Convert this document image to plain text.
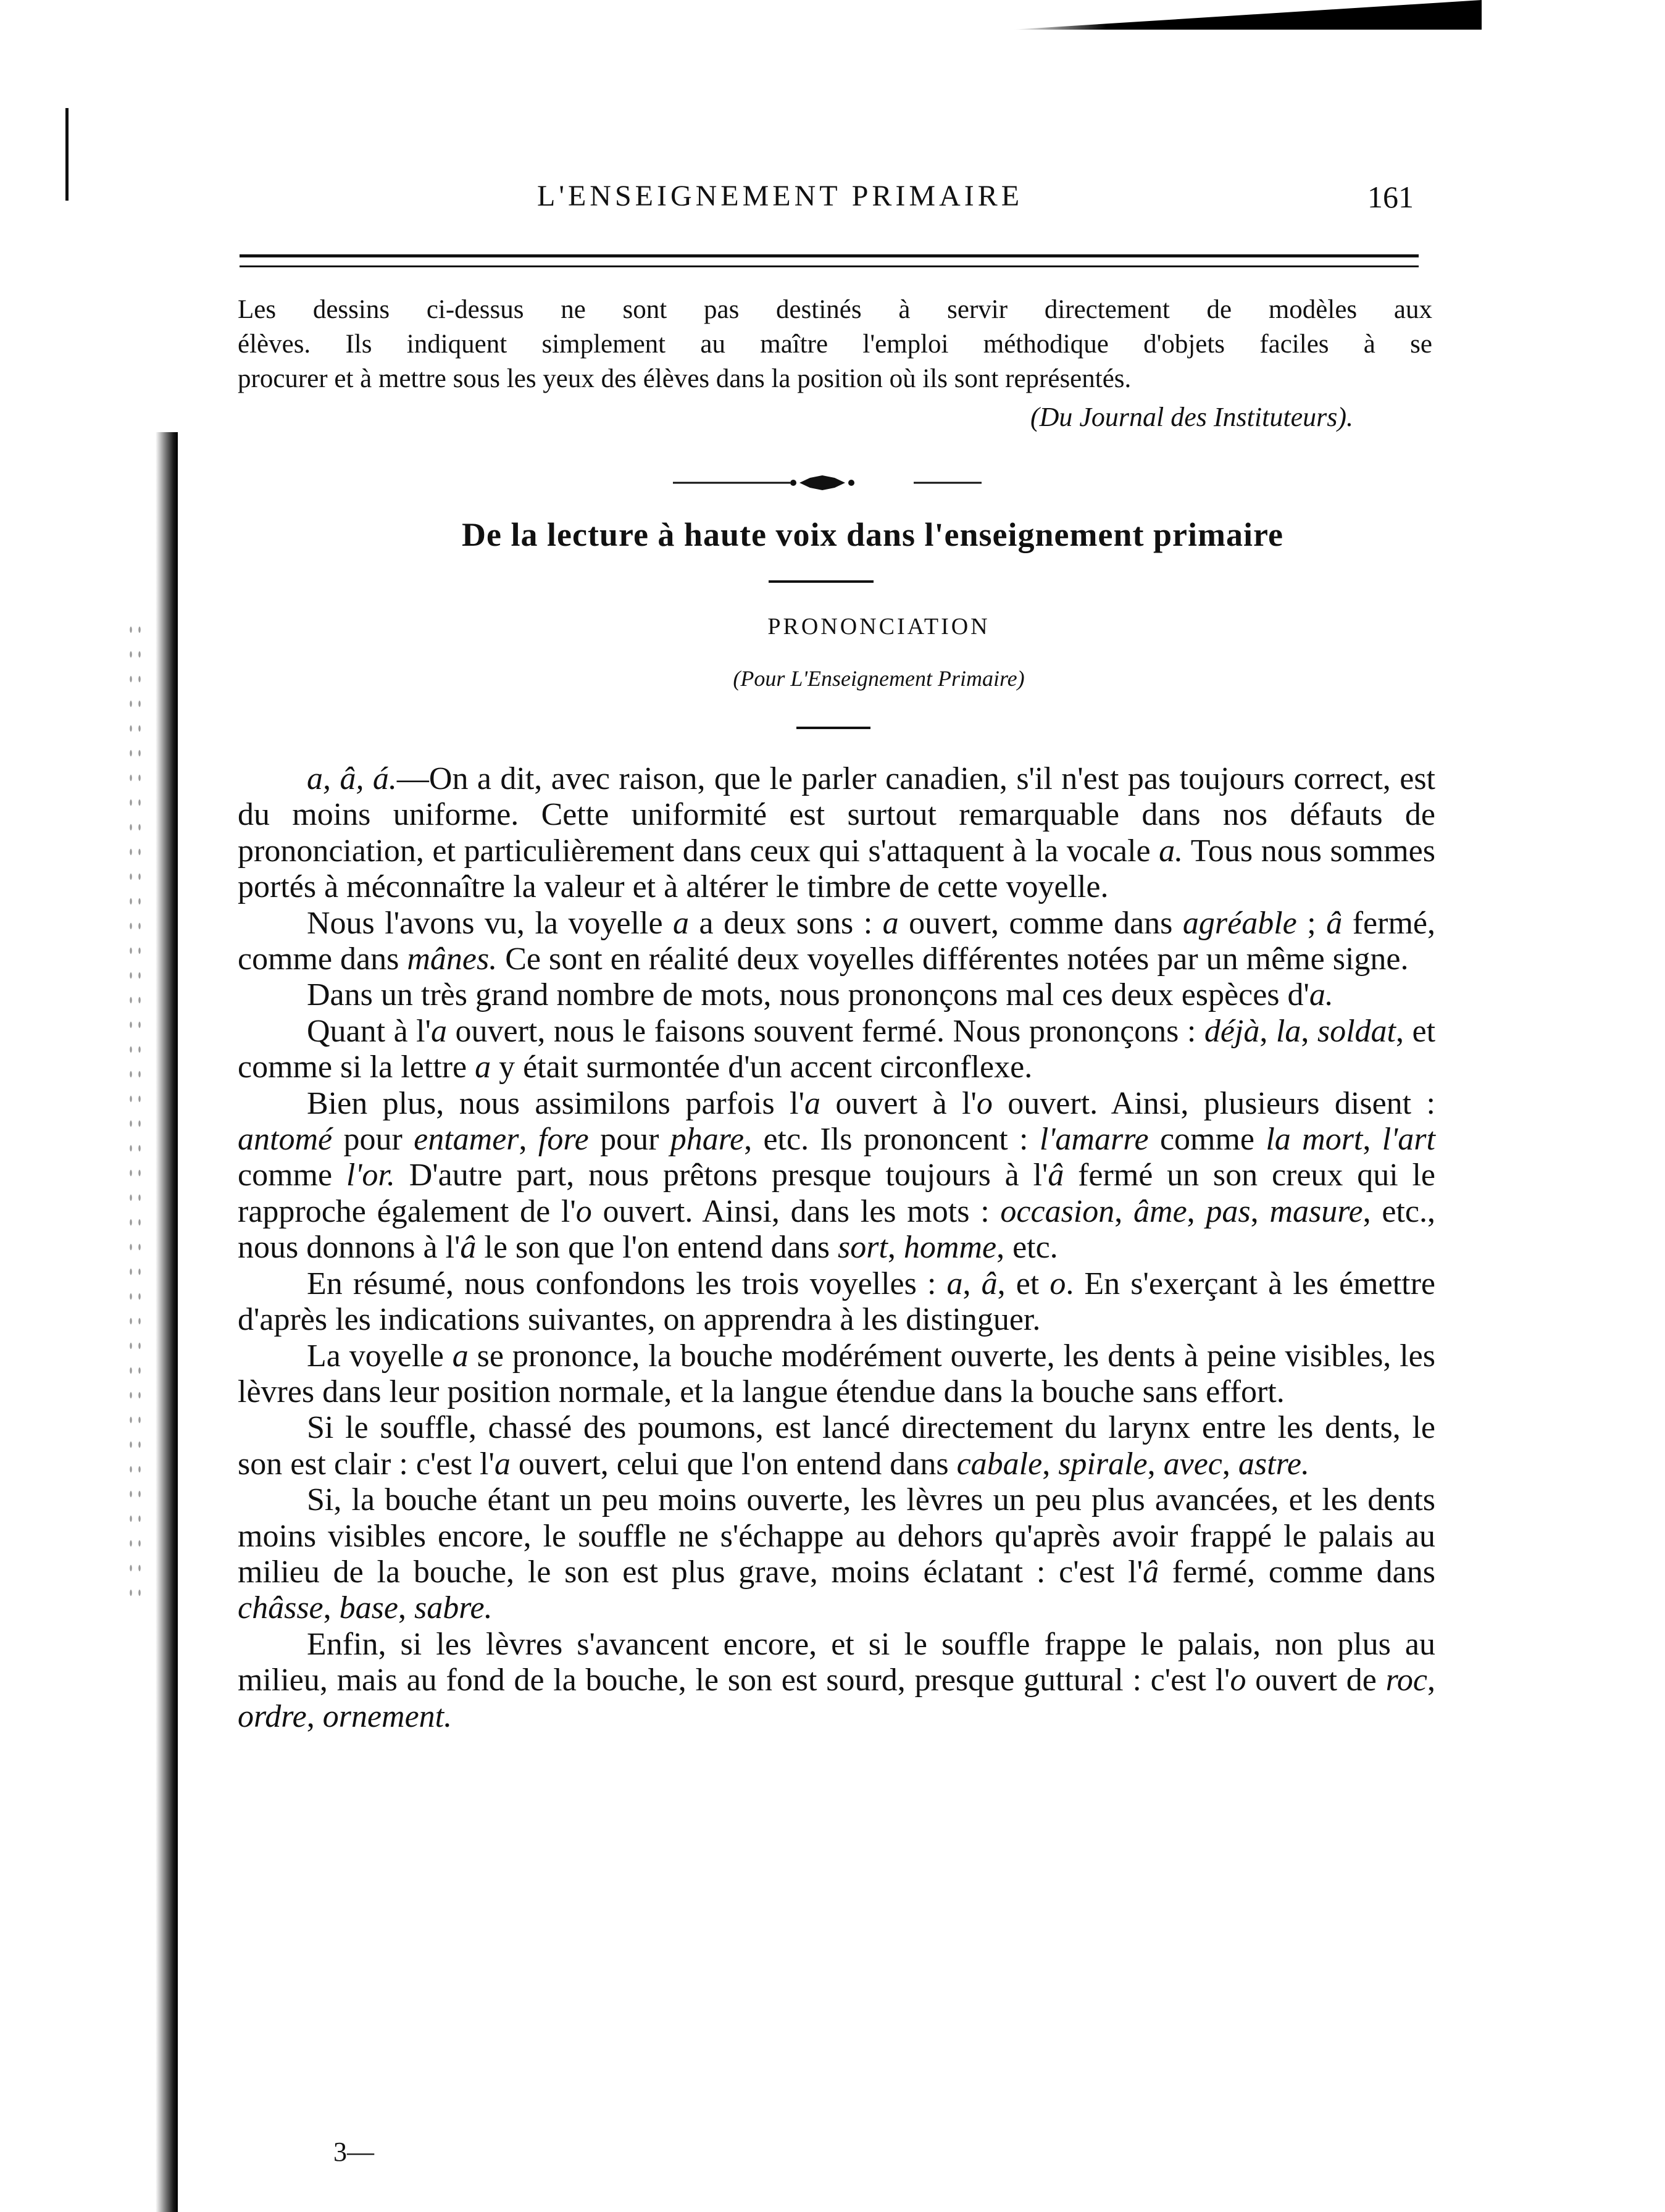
L'ENSEIGNEMENT PRIMAIRE	161
Les dessins ci-dessus ne sont pas destinés à servir directement de modèles aux
élèves. Ils indiquent simplement au maître l'emploi méthodique d'objets faciles à se
procurer et à mettre sous les yeux des élèves dans la position où ils sont représentés.
(Du Journal des Instituteurs).
De la lecture à haute voix dans l'enseignement primaire
PRONONCIATION
(Pour L'Enseignement Primaire)

a, â, á.—On a dit, avec raison, que le parler canadien, s'il n'est pas toujours correct, est du moins uniforme. Cette uniformité est surtout remarquable dans nos défauts de prononciation, et particulièrement dans ceux qui s'attaquent à la vocale a. Tous nous sommes portés à méconnaître la valeur et à altérer le timbre de cette voyelle.

Nous l'avons vu, la voyelle a a deux sons : a ouvert, comme dans agréable ; â fermé, comme dans mânes. Ce sont en réalité deux voyelles différentes notées par un même signe.

Dans un très grand nombre de mots, nous prononçons mal ces deux espèces d'a.

Quant à l'a ouvert, nous le faisons souvent fermé. Nous prononçons : déjà, la, soldat, et comme si la lettre a y était surmontée d'un accent circonflexe.

Bien plus, nous assimilons parfois l'a ouvert à l'o ouvert. Ainsi, plusieurs disent : antomé pour entamer, fore pour phare, etc. Ils prononcent : l'amarre comme la mort, l'art comme l'or. D'autre part, nous prêtons presque toujours à l'â fermé un son creux qui le rapproche également de l'o ouvert. Ainsi, dans les mots : occasion, âme, pas, masure, etc., nous donnons à l'â le son que l'on entend dans sort, homme, etc.

En résumé, nous confondons les trois voyelles : a, â, et o. En s'exerçant à les émettre d'après les indications suivantes, on apprendra à les distinguer.

La voyelle a se prononce, la bouche modérément ouverte, les dents à peine visibles, les lèvres dans leur position normale, et la langue étendue dans la bouche sans effort.

Si le souffle, chassé des poumons, est lancé directement du larynx entre les dents, le son est clair : c'est l'a ouvert, celui que l'on entend dans cabale, spirale, avec, astre.

Si, la bouche étant un peu moins ouverte, les lèvres un peu plus avancées, et les dents moins visibles encore, le souffle ne s'échappe au dehors qu'après avoir frappé le palais au milieu de la bouche, le son est plus grave, moins éclatant : c'est l'â fermé, comme dans châsse, base, sabre.

Enfin, si les lèvres s'avancent encore, et si le souffle frappe le palais, non plus au milieu, mais au fond de la bouche, le son est sourd, presque guttural : c'est l'o ouvert de roc, ordre, ornement.

3—
